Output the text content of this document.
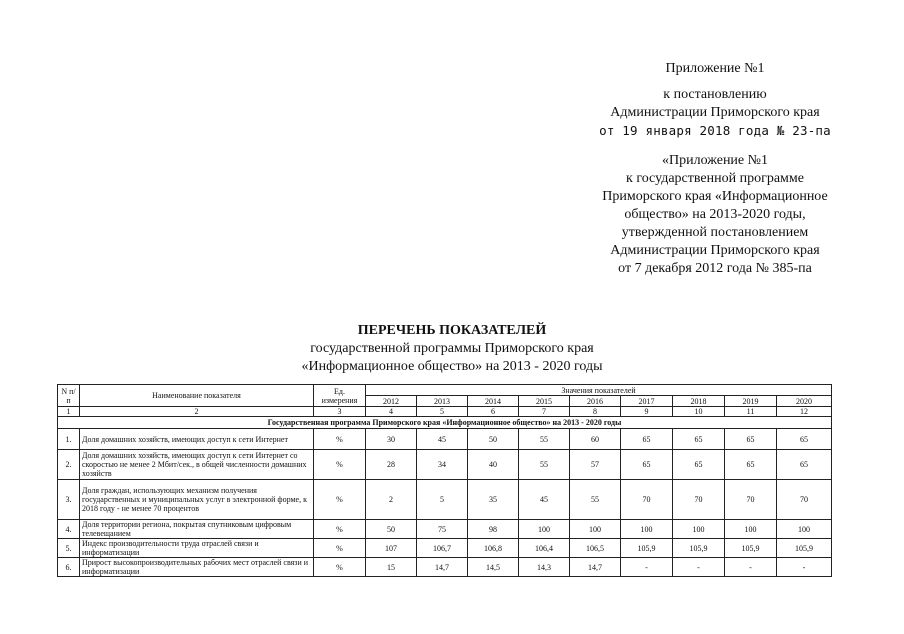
Приложение №1
к постановлению
Администрации Приморского края
от 19 января 2018 года № 23-па
«Приложение №1
к государственной программе
Приморского края «Информационное
общество» на 2013-2020 годы,
утвержденной постановлением
Администрации Приморского края
от 7 декабря 2012 года № 385-па
ПЕРЕЧЕНЬ ПОКАЗАТЕЛЕЙ
государственной программы Приморского края
«Информационное общество» на 2013 - 2020 годы
N п/п	Наименование показателя	Ед. измерения	Значения показателей								
			2012	2013	2014	2015	2016	2017	2018	2019	2020
1	2	3	4	5	6	7	8	9	10	11	12
Государственная программа Приморского края «Информационное общество» на 2013 - 2020 годы											
1.	Доля домашних хозяйств, имеющих доступ к сети Интернет	%	30	45	50	55	60	65	65	65	65
2.	Доля домашних хозяйств, имеющих доступ к сети Интернет со скоростью не менее 2 Мбит/сек., в общей численности домашних хозяйств	%	28	34	40	55	57	65	65	65	65
3.	Доля граждан, использующих механизм получения государственных и муниципальных услуг в электронной форме, к 2018 году - не менее 70 процентов	%	2	5	35	45	55	70	70	70	70
4.	Доля территории региона, покрытая спутниковым цифровым телевещанием	%	50	75	98	100	100	100	100	100	100
5.	Индекс производительности труда отраслей связи и информатизации	%	107	106,7	106,8	106,4	106,5	105,9	105,9	105,9	105,9
6.	Прирост высокопроизводительных рабочих мест отраслей связи и информатизации	%	15	14,7	14,5	14,3	14,7	-	-	-	-
